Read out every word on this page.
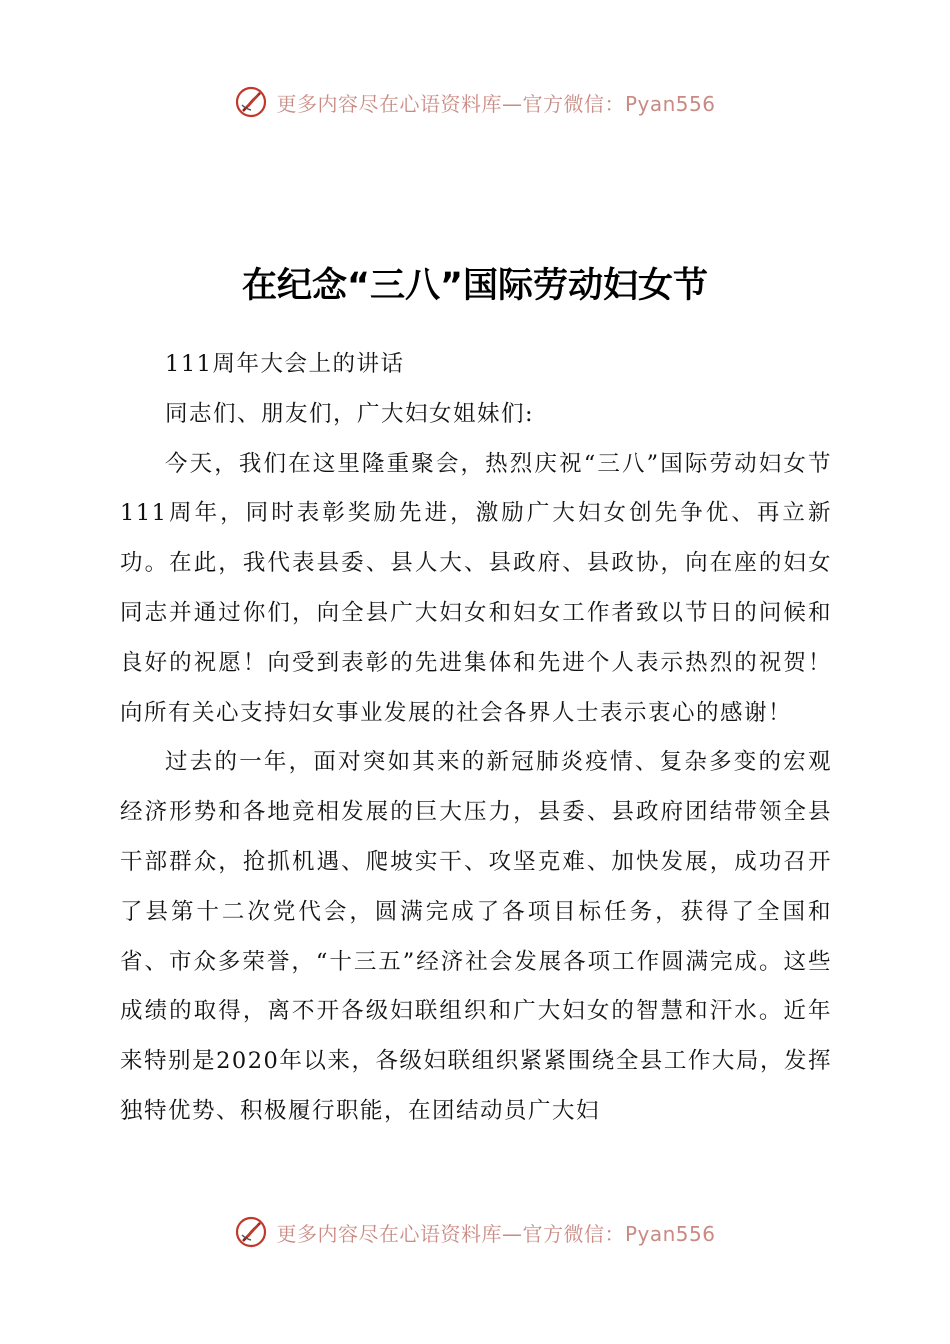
更多内容尽在心语资料库—官方微信：Pyan556
在纪念“三八”国际劳动妇女节

111周年大会上的讲话

同志们、朋友们，广大妇女姐妹们:

今天，我们在这里隆重聚会，热烈庆祝“三八”国际劳动妇女节111周年，同时表彰奖励先进，激励广大妇女创先争优、再立新功。在此，我代表县委、县人大、县政府、县政协，向在座的妇女同志并通过你们，向全县广大妇女和妇女工作者致以节日的问候和良好的祝愿！向受到表彰的先进集体和先进个人表示热烈的祝贺！向所有关心支持妇女事业发展的社会各界人士表示衷心的感谢！

过去的一年，面对突如其来的新冠肺炎疫情、复杂多变的宏观经济形势和各地竞相发展的巨大压力，县委、县政府团结带领全县干部群众，抢抓机遇、爬坡实干、攻坚克难、加快发展，成功召开了县第十二次党代会，圆满完成了各项目标任务，获得了全国和省、市众多荣誉，“十三五”经济社会发展各项工作圆满完成。这些成绩的取得，离不开各级妇联组织和广大妇女的智慧和汗水。近年来特别是2020年以来，各级妇联组织紧紧围绕全县工作大局，发挥独特优势、积极履行职能，在团结动员广大妇

更多内容尽在心语资料库—官方微信：Pyan556
